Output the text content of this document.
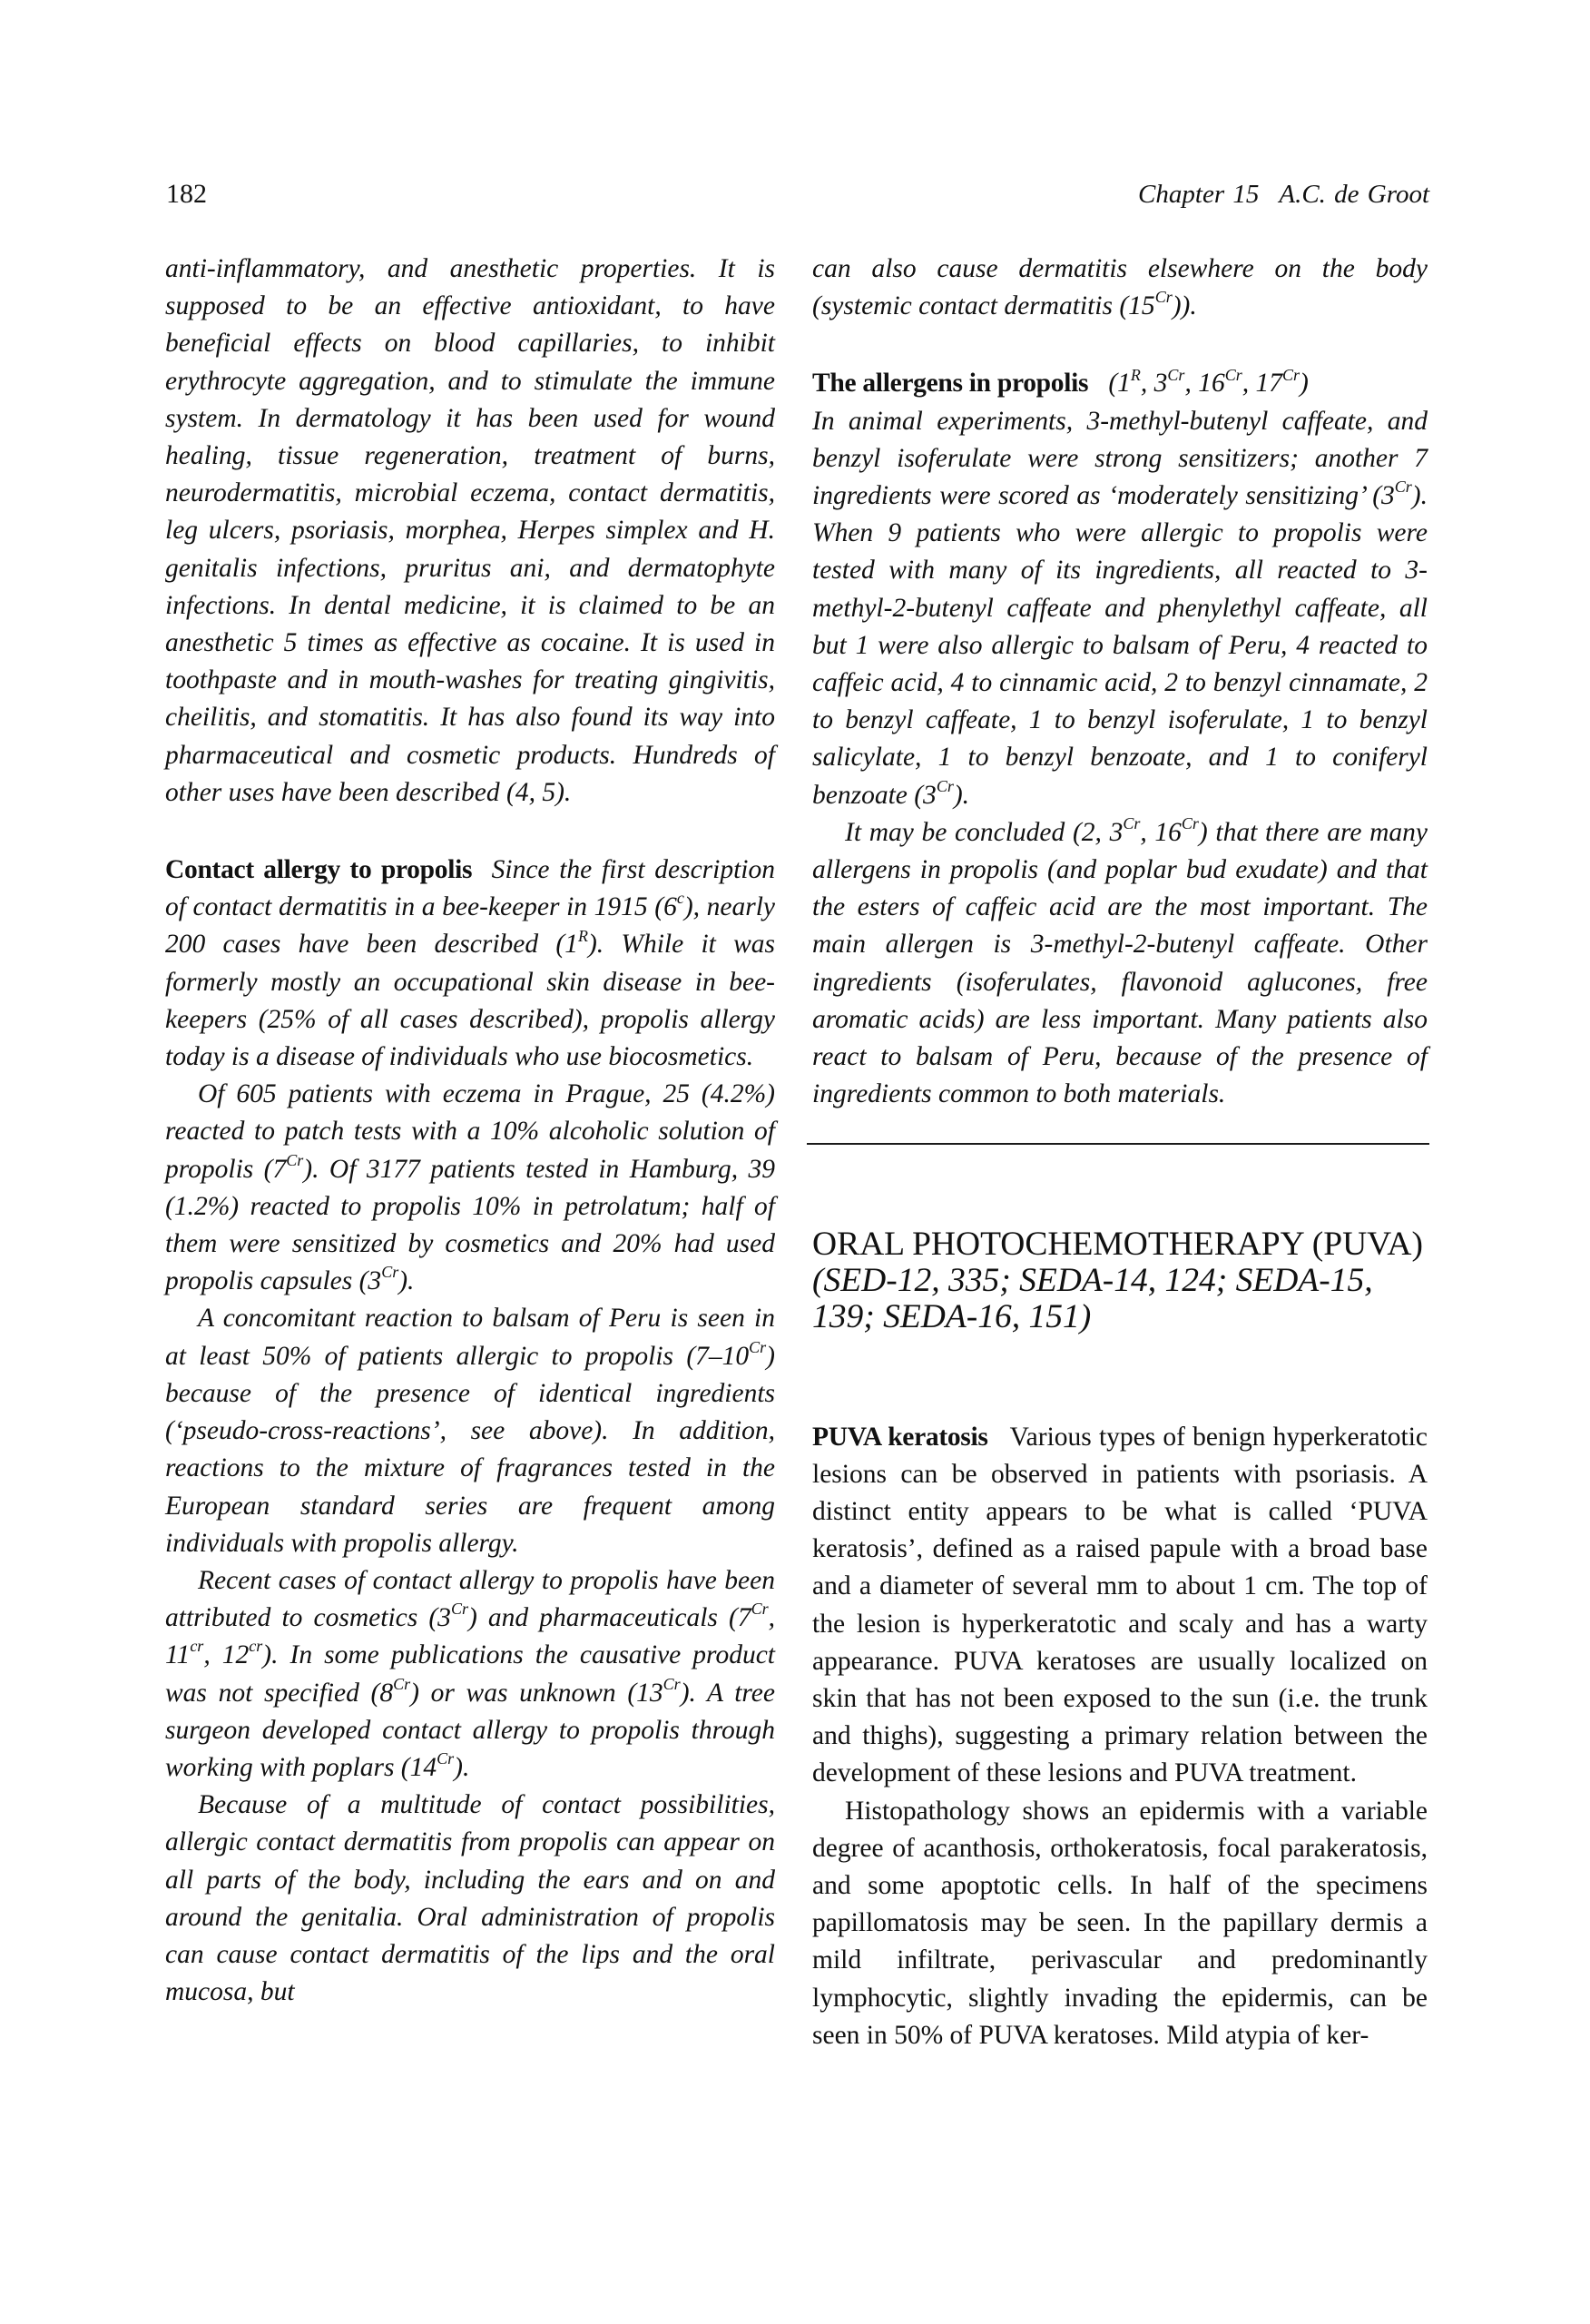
182	Chapter 15 A.C. de Groot

anti-inflammatory, and anesthetic properties. It is supposed to be an effective antioxidant, to have beneficial effects on blood capillaries, to inhibit erythrocyte aggregation, and to stimulate the immune system. In dermatology it has been used for wound healing, tissue regeneration, treatment of burns, neurodermatitis, microbial eczema, contact dermatitis, leg ulcers, psoriasis, morphea, Herpes simplex and H. genitalis infections, pruritus ani, and dermatophyte infections. In dental medicine, it is claimed to be an anesthetic 5 times as effective as cocaine. It is used in toothpaste and in mouth-washes for treating gingivitis, cheilitis, and stomatitis. It has also found its way into pharmaceutical and cosmetic products. Hundreds of other uses have been described (4, 5).

Contact allergy to propolis Since the first description of contact dermatitis in a bee-keeper in 1915 (6$^c$), nearly 200 cases have been described $(1^R)$. While it was formerly mostly an occupational skin disease in bee-keepers (25% of all cases described), propolis allergy today is a disease of individuals who use biocosmetics.

Of 605 patients with eczema in Prague, 25 (4.2%) reacted to patch tests with a 10% alcoholic solution of propolis $(7^{Cr})$. Of 3177 patients tested in Hamburg, 39 (1.2%) reacted to propolis 10% in petrolatum; half of them were sensitized by cosmetics and 20% had used propolis capsules $(3^{Cr})$.

A concomitant reaction to balsam of Peru is seen in at least 50% of patients allergic to propolis $(7-10^{Cr})$ because of the presence of identical ingredients (‘pseudo-cross-reactions’, see above). In addition, reactions to the mixture of fragrances tested in the European standard series are frequent among individuals with propolis allergy.

Recent cases of contact allergy to propolis have been attributed to cosmetics $(3^{Cr})$ and pharmaceuticals ($7^{Cr}$, $11^{cr}$, $12^{cr}$). In some publications the causative product was not specified $(8^{Cr})$ or was unknown $(13^{Cr})$. A tree surgeon developed contact allergy to propolis through working with poplars $(14^{Cr})$.

Because of a multitude of contact possibilities, allergic contact dermatitis from propolis can appear on all parts of the body, including the ears and on and around the genitalia. Oral administration of propolis can cause contact dermatitis of the lips and the oral mucosa, but

can also cause dermatitis elsewhere on the body (systemic contact dermatitis $(15^{Cr})$).

The allergens in propolis ($1^R$, $3^{Cr}$, $16^{Cr}$, $17^{Cr}$)

In animal experiments, 3-methyl-butenyl caffeate, and benzyl isoferulate were strong sensitizers; another 7 ingredients were scored as ‘moderately sensitizing’ $(3^{Cr})$. When 9 patients who were allergic to propolis were tested with many of its ingredients, all reacted to 3-methyl-2-butenyl caffeate and phenylethyl caffeate, all but 1 were also allergic to balsam of Peru, 4 reacted to caffeic acid, 4 to cinnamic acid, 2 to benzyl cinnamate, 2 to benzyl caffeate, 1 to benzyl isoferulate, 1 to benzyl salicylate, 1 to benzyl benzoate, and 1 to coniferyl benzoate $(3^{Cr})$.

It may be concluded (2, $3^{Cr}$, $16^{Cr}$) that there are many allergens in propolis (and poplar bud exudate) and that the esters of caffeic acid are the most important. The main allergen is 3-methyl-2-butenyl caffeate. Other ingredients (isoferulates, flavonoid aglucones, free aromatic acids) are less important. Many patients also react to balsam of Peru, because of the presence of ingredients common to both materials.

ORAL PHOTOCHEMOTHERAPY (PUVA) (SED-12, 335; SEDA-14, 124; SEDA-15, 139; SEDA-16, 151)

PUVA keratosis Various types of benign hyperkeratotic lesions can be observed in patients with psoriasis. A distinct entity appears to be what is called ‘PUVA keratosis’, defined as a raised papule with a broad base and a diameter of several mm to about 1 cm. The top of the lesion is hyperkeratotic and scaly and has a warty appearance. PUVA keratoses are usually localized on skin that has not been exposed to the sun (i.e. the trunk and thighs), suggesting a primary relation between the development of these lesions and PUVA treatment.

Histopathology shows an epidermis with a variable degree of acanthosis, orthokeratosis, focal parakeratosis, and some apoptotic cells. In half of the specimens papillomatosis may be seen. In the papillary dermis a mild infiltrate, perivascular and predominantly lymphocytic, slightly invading the epidermis, can be seen in 50% of PUVA keratoses. Mild atypia of ker-
